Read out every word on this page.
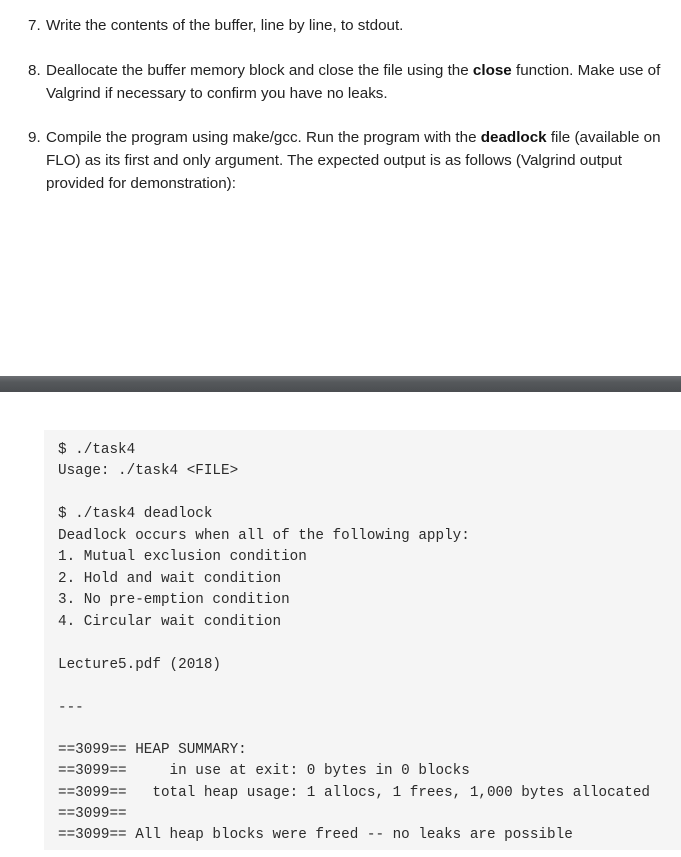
7. Write the contents of the buffer, line by line, to stdout.
8. Deallocate the buffer memory block and close the file using the close function. Make use of Valgrind if necessary to confirm you have no leaks.
9. Compile the program using make/gcc. Run the program with the deadlock file (available on FLO) as its first and only argument. The expected output is as follows (Valgrind output provided for demonstration):
$ ./task4
Usage: ./task4 <FILE>
$ ./task4 deadlock
Deadlock occurs when all of the following apply:
1. Mutual exclusion condition
2. Hold and wait condition
3. No pre-emption condition
4. Circular wait condition
Lecture5.pdf (2018)
---
==3099== HEAP SUMMARY:
==3099==     in use at exit: 0 bytes in 0 blocks
==3099==   total heap usage: 1 allocs, 1 frees, 1,000 bytes allocated
==3099==
==3099== All heap blocks were freed -- no leaks are possible
